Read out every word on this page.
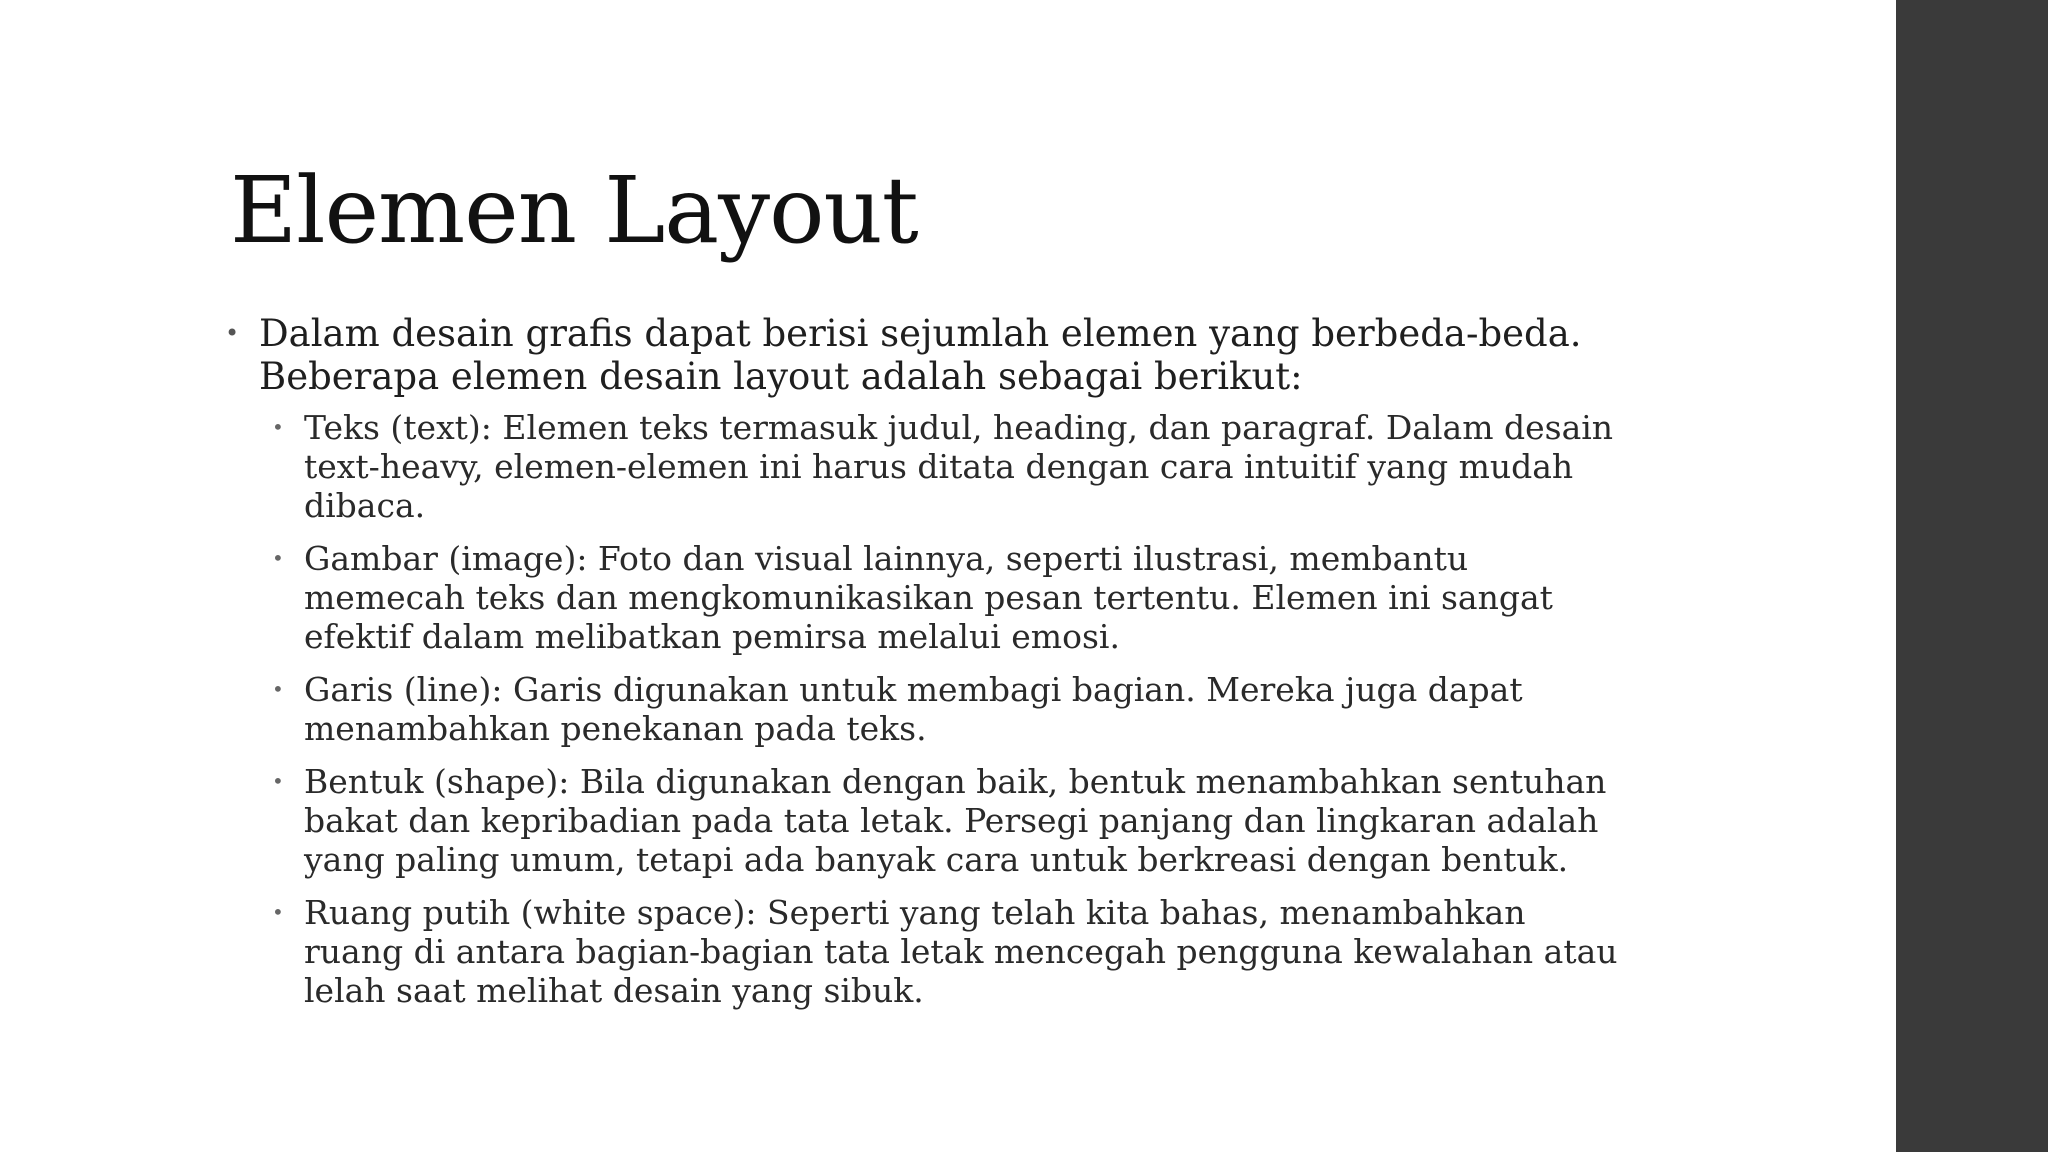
Elemen Layout
• Dalam desain grafis dapat berisi sejumlah elemen yang berbeda-beda.
Beberapa elemen desain layout adalah sebagai berikut:
• Teks (text): Elemen teks termasuk judul, heading, dan paragraf. Dalam desain
text-heavy, elemen-elemen ini harus ditata dengan cara intuitif yang mudah
dibaca.
• Gambar (image): Foto dan visual lainnya, seperti ilustrasi, membantu
memecah teks dan mengkomunikasikan pesan tertentu. Elemen ini sangat
efektif dalam melibatkan pemirsa melalui emosi.
• Garis (line): Garis digunakan untuk membagi bagian. Mereka juga dapat
menambahkan penekanan pada teks.
• Bentuk (shape): Bila digunakan dengan baik, bentuk menambahkan sentuhan
bakat dan kepribadian pada tata letak. Persegi panjang dan lingkaran adalah
yang paling umum, tetapi ada banyak cara untuk berkreasi dengan bentuk.
• Ruang putih (white space): Seperti yang telah kita bahas, menambahkan
ruang di antara bagian-bagian tata letak mencegah pengguna kewalahan atau
lelah saat melihat desain yang sibuk.
